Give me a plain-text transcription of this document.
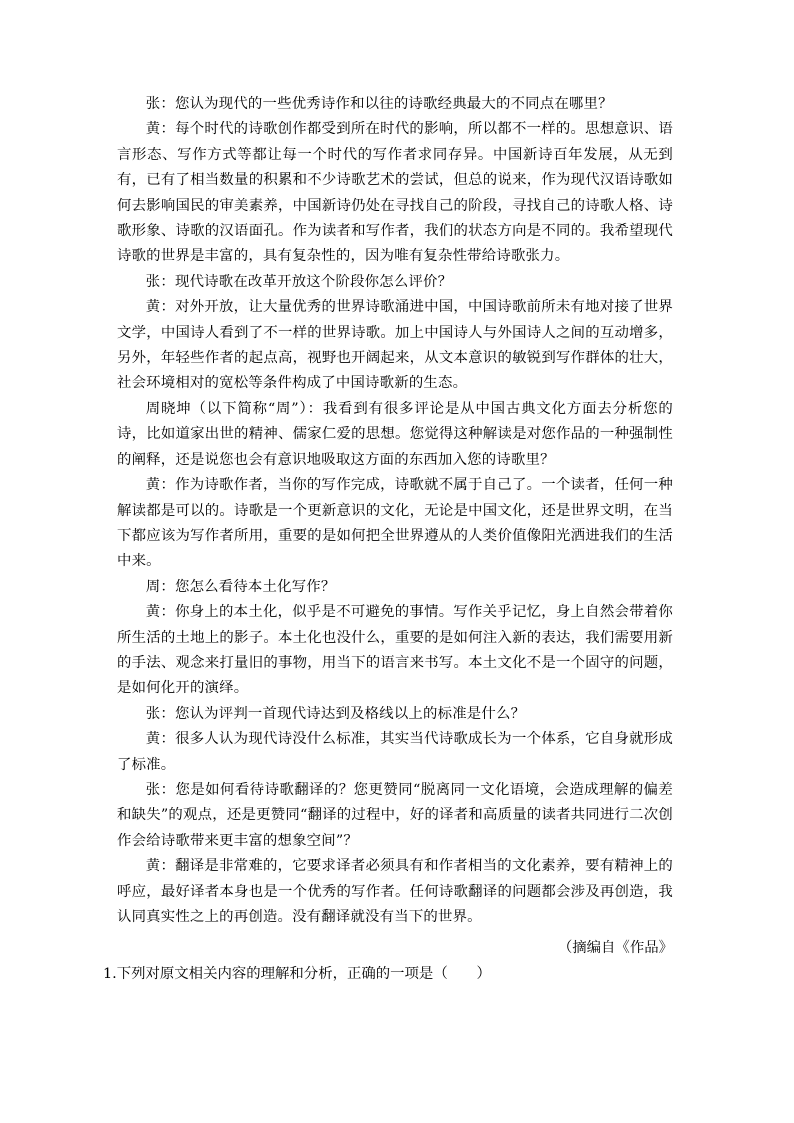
张：您认为现代的一些优秀诗作和以往的诗歌经典最大的不同点在哪里？

黄：每个时代的诗歌创作都受到所在时代的影响，所以都不一样的。思想意识、语言形态、写作方式等都让每一个时代的写作者求同存异。中国新诗百年发展，从无到有，已有了相当数量的积累和不少诗歌艺术的尝试，但总的说来，作为现代汉语诗歌如何去影响国民的审美素养，中国新诗仍处在寻找自己的阶段，寻找自己的诗歌人格、诗歌形象、诗歌的汉语面孔。作为读者和写作者，我们的状态方向是不同的。我希望现代诗歌的世界是丰富的，具有复杂性的，因为唯有复杂性带给诗歌张力。

张：现代诗歌在改革开放这个阶段你怎么评价？

黄：对外开放，让大量优秀的世界诗歌涌进中国，中国诗歌前所未有地对接了世界文学，中国诗人看到了不一样的世界诗歌。加上中国诗人与外国诗人之间的互动增多，另外，年轻些作者的起点高，视野也开阔起来，从文本意识的敏锐到写作群体的壮大，社会环境相对的宽松等条件构成了中国诗歌新的生态。

周晓坤（以下简称“周”）：我看到有很多评论是从中国古典文化方面去分析您的诗，比如道家出世的精神、儒家仁爱的思想。您觉得这种解读是对您作品的一种强制性的阐释，还是说您也会有意识地吸取这方面的东西加入您的诗歌里？

黄：作为诗歌作者，当你的写作完成，诗歌就不属于自己了。一个读者，任何一种解读都是可以的。诗歌是一个更新意识的文化，无论是中国文化，还是世界文明，在当下都应该为写作者所用，重要的是如何把全世界遵从的人类价值像阳光洒进我们的生活中来。

周：您怎么看待本土化写作？

黄：你身上的本土化，似乎是不可避免的事情。写作关乎记忆，身上自然会带着你所生活的土地上的影子。本土化也没什么，重要的是如何注入新的表达，我们需要用新的手法、观念来打量旧的事物，用当下的语言来书写。本土文化不是一个固守的问题，是如何化开的演绎。

张：您认为评判一首现代诗达到及格线以上的标准是什么？

黄：很多人认为现代诗没什么标准，其实当代诗歌成长为一个体系，它自身就形成了标准。

张：您是如何看待诗歌翻译的？您更赞同“脱离同一文化语境，会造成理解的偏差和缺失”的观点，还是更赞同“翻译的过程中，好的译者和高质量的读者共同进行二次创作会给诗歌带来更丰富的想象空间”？

黄：翻译是非常难的，它要求译者必须具有和作者相当的文化素养，要有精神上的呼应，最好译者本身也是一个优秀的写作者。任何诗歌翻译的问题都会涉及再创造，我认同真实性之上的再创造。没有翻译就没有当下的世界。

（摘编自《作品》

1.下列对原文相关内容的理解和分析，正确的一项是（　　）
